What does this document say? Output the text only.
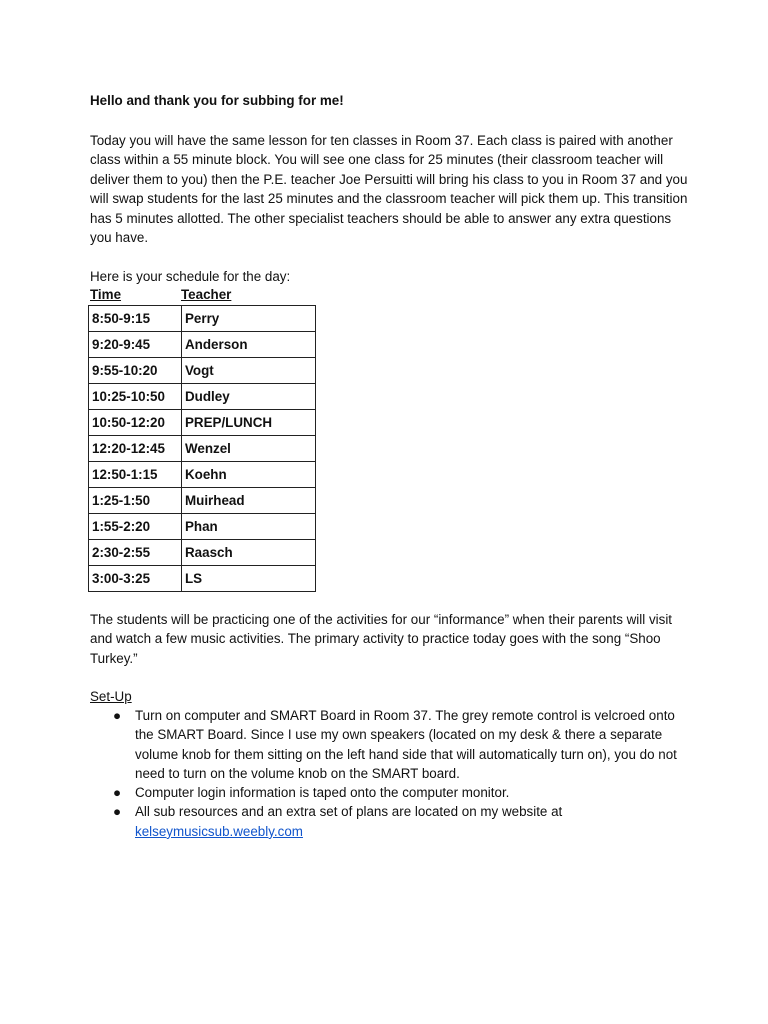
Hello and thank you for subbing for me!

Today you will have the same lesson for ten classes in Room 37. Each class is paired with another class within a 55 minute block. You will see one class for 25 minutes (their classroom teacher will deliver them to you) then the P.E. teacher Joe Persuitti will bring his class to you in Room 37 and you will swap students for the last 25 minutes and the classroom teacher will pick them up. This transition has 5 minutes allotted. The other specialist teachers should be able to answer any extra questions you have.

Here is your schedule for the day:

Time	Teacher
8:50-9:15	Perry
9:20-9:45	Anderson
9:55-10:20	Vogt
10:25-10:50	Dudley
10:50-12:20	PREP/LUNCH
12:20-12:45	Wenzel
12:50-1:15	Koehn
1:25-1:50	Muirhead
1:55-2:20	Phan
2:30-2:55	Raasch
3:00-3:25	LS

The students will be practicing one of the activities for our “informance” when their parents will visit and watch a few music activities. The primary activity to practice today goes with the song “Shoo Turkey.”

Set-Up

● Turn on computer and SMART Board in Room 37. The grey remote control is velcroed onto the SMART Board. Since I use my own speakers (located on my desk & there a separate volume knob for them sitting on the left hand side that will automatically turn on), you do not need to turn on the volume knob on the SMART board.
● Computer login information is taped onto the computer monitor.
● All sub resources and an extra set of plans are located on my website at
kelseymusicsub.weebly.com
